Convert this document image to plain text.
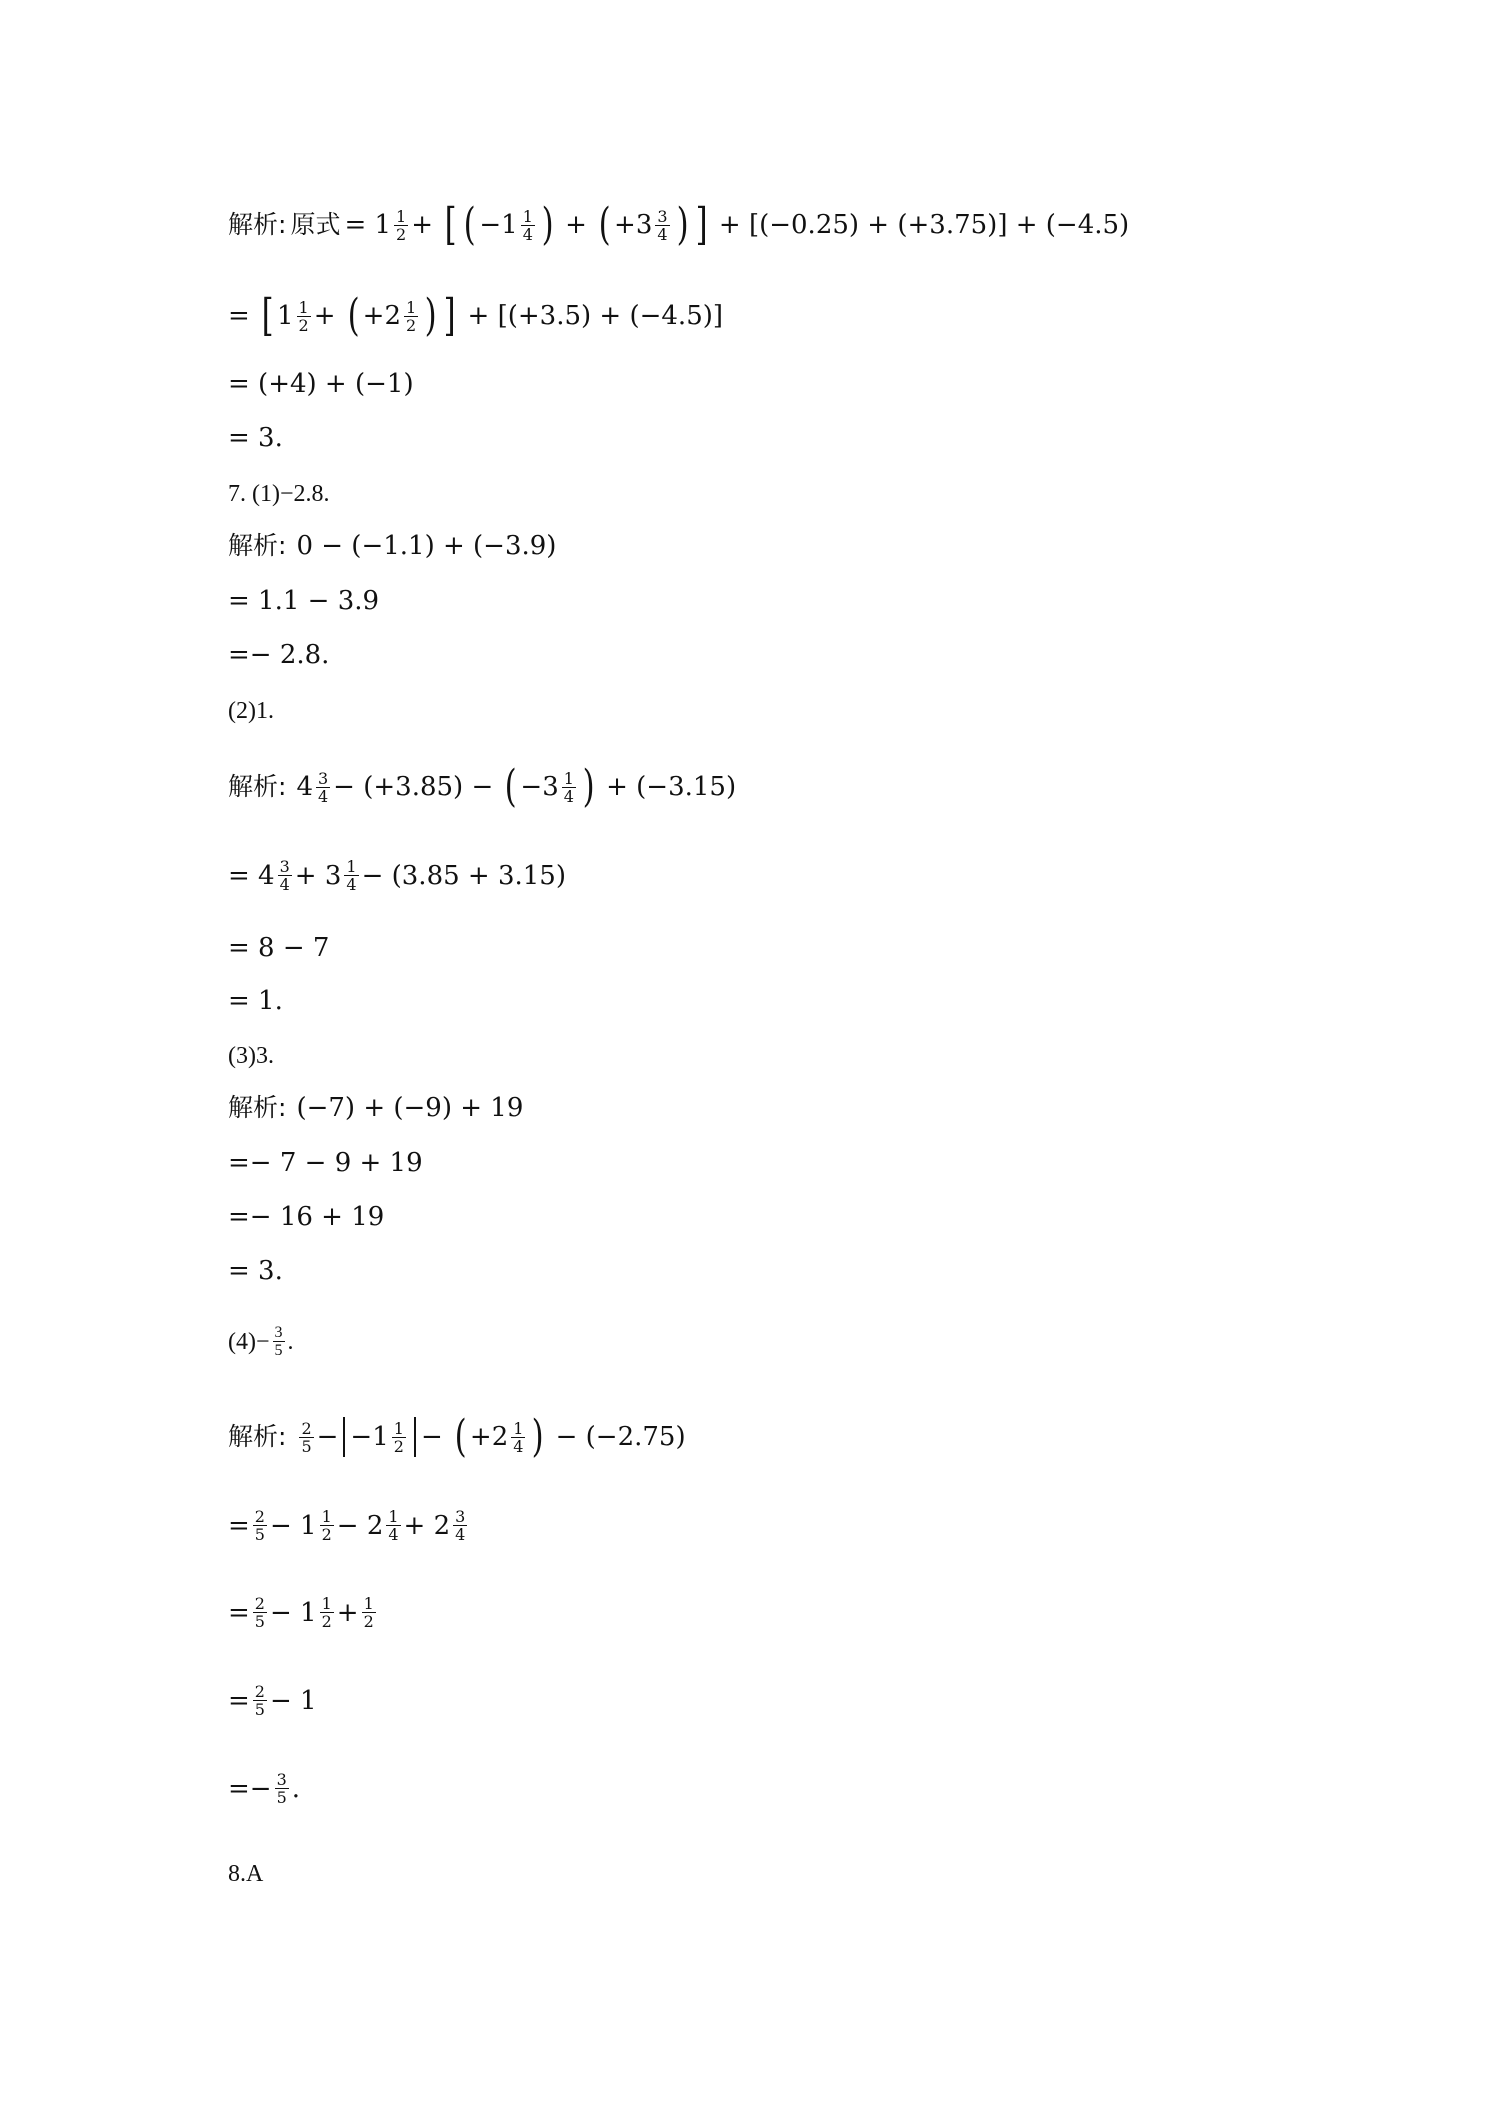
解析: 原式 = $1 \frac{1}{2}$ + [ ( $-1 \frac{1}{4}$ ) + ( $+3 \frac{3}{4}$ ) ] + [(−0.25) + (+3.75)] + (−4.5)
= [ $1 \frac{1}{2}$ + ( $+2 \frac{1}{2}$ ) ] + [(+3.5) + (−4.5)]
= (+4) + (−1)
= 3.
7. (1)−2.8.
解析: 0 − (−1.1) + (−3.9)
= 1.1 − 3.9
=− 2.8.
(2)1.
解析: $4 \frac{3}{4} - (+3.85)$ − ( $-3 \frac{1}{4}$ ) + (−3.15)
= $4 \frac{3}{4} + 3 \frac{1}{4} - (3.85 + 3.15)$
= 8 − 7
= 1.
(3)3.
解析: (−7) + (−9) + 19
=− 7 − 9 + 19
=− 16 + 19
= 3.
$(4)- \frac{3}{5}$ .
解析: $\frac{2}{5} - -1 \frac{1}{2}$ − ( $+2 \frac{1}{4}$ ) − (−2.75)
= $\frac{2}{5} - 1 \frac{1}{2} - 2 \frac{1}{4} + 2 \frac{3}{4}$
= $\frac{2}{5} - 1 \frac{1}{2} + \frac{1}{2}$
= $\frac{2}{5} - 1$
=− $\frac{3}{5}$ .
8.A
